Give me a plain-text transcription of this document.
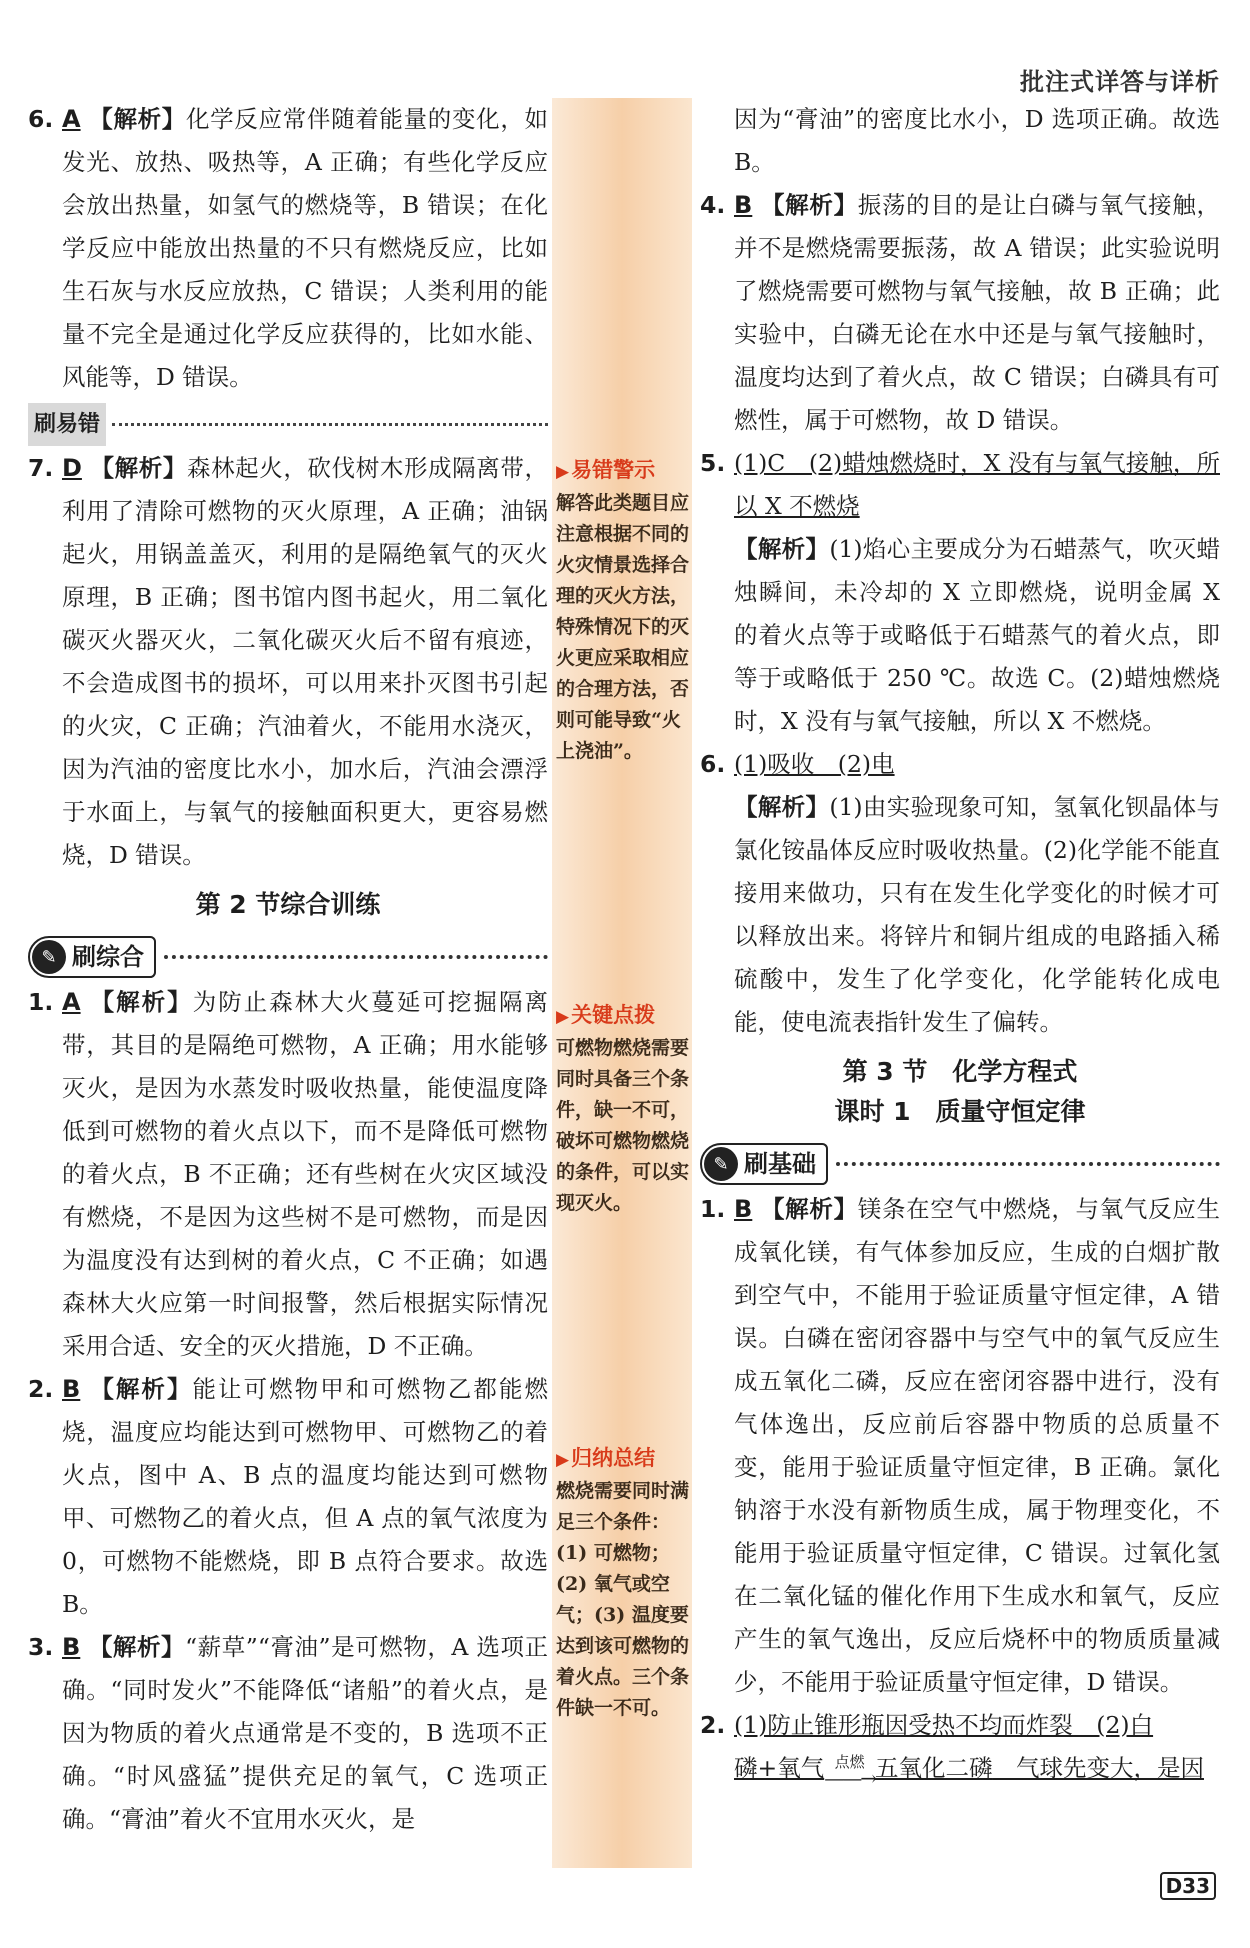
批注式详答与详析
6. A 【解析】化学反应常伴随着能量的变化，如发光、放热、吸热等，A 正确；有些化学反应会放出热量，如氢气的燃烧等，B 错误；在化学反应中能放出热量的不只有燃烧反应，比如生石灰与水反应放热，C 错误；人类利用的能量不完全是通过化学反应获得的，比如水能、风能等，D 错误。

刷易错
7. D 【解析】森林起火，砍伐树木形成隔离带，利用了清除可燃物的灭火原理，A 正确；油锅起火，用锅盖盖灭，利用的是隔绝氧气的灭火原理，B 正确；图书馆内图书起火，用二氧化碳灭火器灭火，二氧化碳灭火后不留有痕迹，不会造成图书的损坏，可以用来扑灭图书引起的火灾，C 正确；汽油着火，不能用水浇灭，因为汽油的密度比水小，加水后，汽油会漂浮于水面上，与氧气的接触面积更大，更容易燃烧，D 错误。

第 2 节综合训练
✎ 刷综合
1. A 【解析】为防止森林大火蔓延可挖掘隔离带，其目的是隔绝可燃物，A 正确；用水能够灭火，是因为水蒸发时吸收热量，能使温度降低到可燃物的着火点以下，而不是降低可燃物的着火点，B 不正确；还有些树在火灾区域没有燃烧，不是因为这些树不是可燃物，而是因为温度没有达到树的着火点，C 不正确；如遇森林大火应第一时间报警，然后根据实际情况采用合适、安全的灭火措施，D 不正确。

2. B 【解析】能让可燃物甲和可燃物乙都能燃烧，温度应均能达到可燃物甲、可燃物乙的着火点，图中 A、B 点的温度均能达到可燃物甲、可燃物乙的着火点，但 A 点的氧气浓度为 0，可燃物不能燃烧，即 B 点符合要求。故选 B。

3. B 【解析】“薪草”“膏油”是可燃物，A 选项正确。“同时发火”不能降低“诸船”的着火点，是因为物质的着火点通常是不变的，B 选项不正确。“时风盛猛”提供充足的氧气，C 选项正确。“膏油”着火不宜用水灭火，是

▶易错警示
解答此类题目应注意根据不同的火灾情景选择合理的灭火方法，特殊情况下的灭火更应采取相应的合理方法，否则可能导致“火上浇油”。
▶关键点拨
可燃物燃烧需要同时具备三个条件，缺一不可，破坏可燃物燃烧的条件，可以实现灭火。
▶归纳总结
燃烧需要同时满足三个条件：(1) 可燃物；(2) 氧气或空气；(3) 温度要达到该可燃物的着火点。三个条件缺一不可。

因为“膏油”的密度比水小，D 选项正确。故选 B。

4. B 【解析】振荡的目的是让白磷与氧气接触，并不是燃烧需要振荡，故 A 错误；此实验说明了燃烧需要可燃物与氧气接触，故 B 正确；此实验中，白磷无论在水中还是与氧气接触时，温度均达到了着火点，故 C 错误；白磷具有可燃性，属于可燃物，故 D 错误。

5. (1)C　(2)蜡烛燃烧时，X 没有与氧气接触，所以 X 不燃烧
【解析】(1)焰心主要成分为石蜡蒸气，吹灭蜡烛瞬间，未冷却的 X 立即燃烧，说明金属 X 的着火点等于或略低于石蜡蒸气的着火点，即等于或略低于 250 ℃。故选 C。(2)蜡烛燃烧时，X 没有与氧气接触，所以 X 不燃烧。

6. (1)吸收　(2)电
【解析】(1)由实验现象可知，氢氧化钡晶体与氯化铵晶体反应时吸收热量。(2)化学能不能直接用来做功，只有在发生化学变化的时候才可以释放出来。将锌片和铜片组成的电路插入稀硫酸中，发生了化学变化，化学能转化成电能，使电流表指针发生了偏转。

第 3 节　化学方程式
课时 1　质量守恒定律
✎ 刷基础
1. B 【解析】镁条在空气中燃烧，与氧气反应生成氧化镁，有气体参加反应，生成的白烟扩散到空气中，不能用于验证质量守恒定律，A 错误。白磷在密闭容器中与空气中的氧气反应生成五氧化二磷，反应在密闭容器中进行，没有气体逸出，反应前后容器中物质的总质量不变，能用于验证质量守恒定律，B 正确。氯化钠溶于水没有新物质生成，属于物理变化，不能用于验证质量守恒定律，C 错误。过氧化氢在二氧化锰的催化作用下生成水和氧气，反应产生的氧气逸出，反应后烧杯中的物质质量减少，不能用于验证质量守恒定律，D 错误。

2. (1)防止锥形瓶因受热不均而炸裂　(2)白
磷+氧气 点燃
——→ 五氧化二磷　气球先变大，是因

D33
